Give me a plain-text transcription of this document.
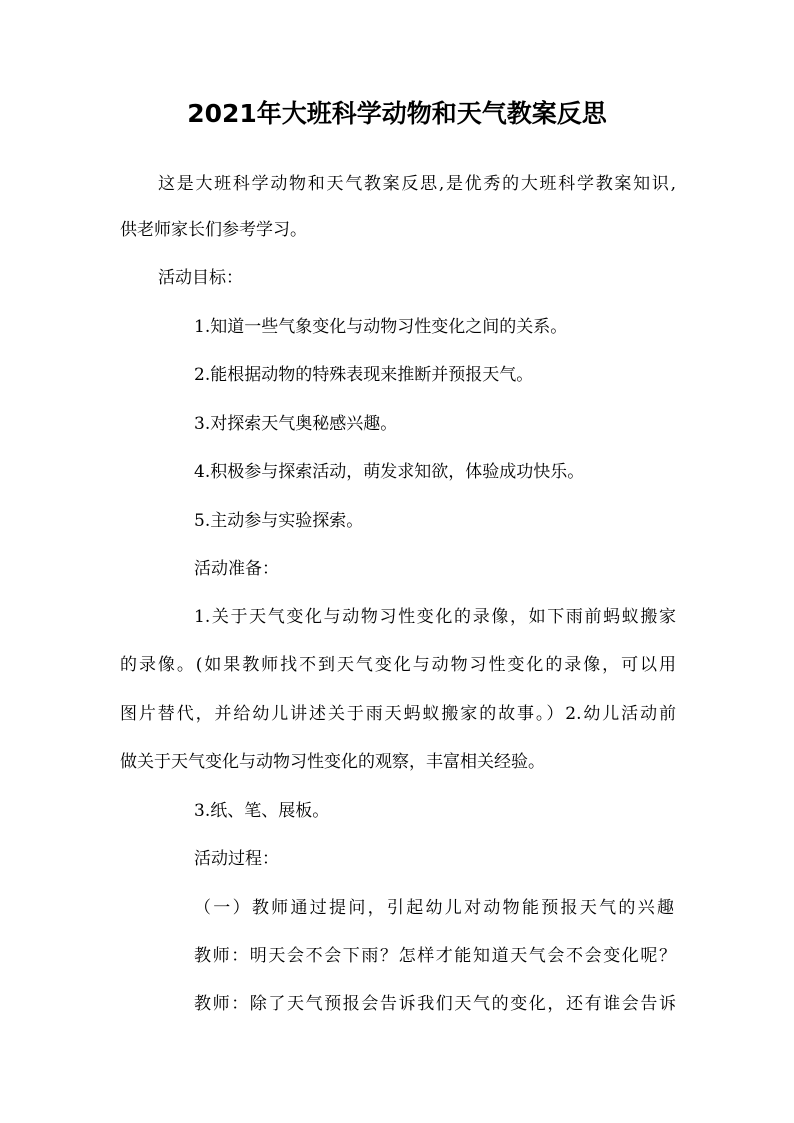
2021年大班科学动物和天气教案反思

这是大班科学动物和天气教案反思,是优秀的大班科学教案知识,

供老师家长们参考学习。

活动目标：

1.知道一些气象变化与动物习性变化之间的关系。

2.能根据动物的特殊表现来推断并预报天气。

3.对探索天气奥秘感兴趣。

4.积极参与探索活动，萌发求知欲，体验成功快乐。

5.主动参与实验探索。

活动准备：

1.关于天气变化与动物习性变化的录像，如下雨前蚂蚁搬家

的录像。(如果教师找不到天气变化与动物习性变化的录像，可以用

图片替代，并给幼儿讲述关于雨天蚂蚁搬家的故事。）2.幼儿活动前

做关于天气变化与动物习性变化的观察，丰富相关经验。

3.纸、笔、展板。

活动过程：

（一）教师通过提问，引起幼儿对动物能预报天气的兴趣

教师：明天会不会下雨？怎样才能知道天气会不会变化呢？

教师：除了天气预报会告诉我们天气的变化，还有谁会告诉
